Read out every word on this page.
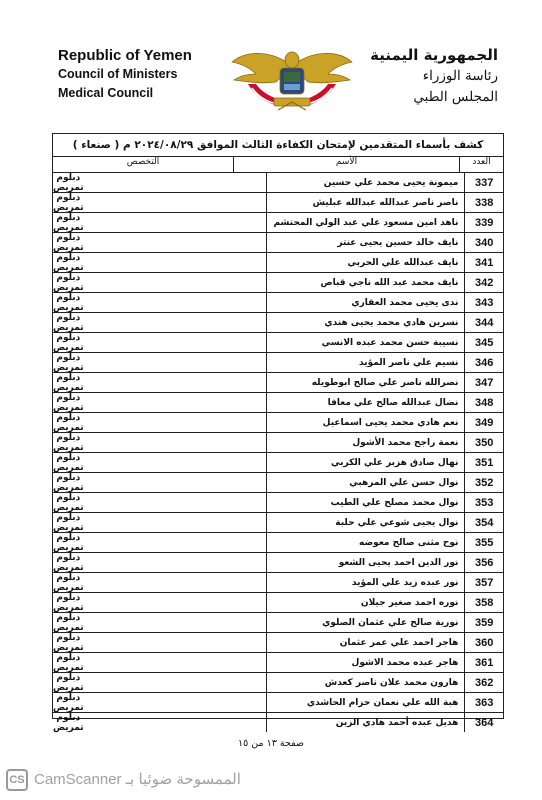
Republic of Yemen
Council of Ministers
Medical Council
الجمهورية اليمنية
رئاسة الوزراء
المجلس الطبي
كشف بأسماء المتقدمين لإمتحان الكفاءة الثالث الموافق ٢٠٢٤/٠٨/٢٩ م ( صنعاء )
العدد
الأسم
التخصص
337
ميمونة يحيى محمد علي حسين
دبلوم تمريض
338
ناصر ناصر عبدالله عبدالله عبليش
دبلوم تمريض
339
ناهد امين مسعود علي عبد الولي المحتشم
دبلوم تمريض
340
نايف خالد حسين يحيى عنتر
دبلوم تمريض
341
نايف عبدالله علي الحربي
دبلوم تمريض
342
نايف محمد عبد الله ناجي قباص
دبلوم تمريض
343
ندى يحيى محمد العقاري
دبلوم تمريض
344
نسرين هادي محمد يحيى هندي
دبلوم تمريض
345
نسيبة حسن محمد عبده الانسي
دبلوم تمريض
346
نسيم علي ناصر المؤيد
دبلوم تمريض
347
نصرالله ناصر علي صالح ابوطويله
دبلوم تمريض
348
نضال عبدالله صالح علي معافا
دبلوم تمريض
349
نعم هادي محمد يحيى اسماعيل
دبلوم تمريض
350
نعمة راجح محمد الأشول
دبلوم تمريض
351
نهال صادق هزبر علي الكربي
دبلوم تمريض
352
نوال حسن علي المرهبي
دبلوم تمريض
353
نوال محمد مصلح علي الطيب
دبلوم تمريض
354
نوال يحيى شوعي علي حلبة
دبلوم تمريض
355
نوح مثنى صالح معوضه
دبلوم تمريض
356
نور الدين احمد يحيى الشعو
دبلوم تمريض
357
نور عبده زيد علي المؤيد
دبلوم تمريض
358
نوره احمد صغير جيلان
دبلوم تمريض
359
نورية صالح علي عثمان الصلوي
دبلوم تمريض
360
هاجر احمد علي عمر عثمان
دبلوم تمريض
361
هاجر عبده محمد الاشول
دبلوم تمريض
362
هارون محمد علان ناصر كعدش
دبلوم تمريض
363
هبة الله علي نعمان حزام الحاشدي
دبلوم تمريض
364
هديل عبده أحمد هادي الزين
دبلوم تمريض
صفحة ١٣ من ١٥
CS الممسوحة ضوئيا بـ CamScanner
